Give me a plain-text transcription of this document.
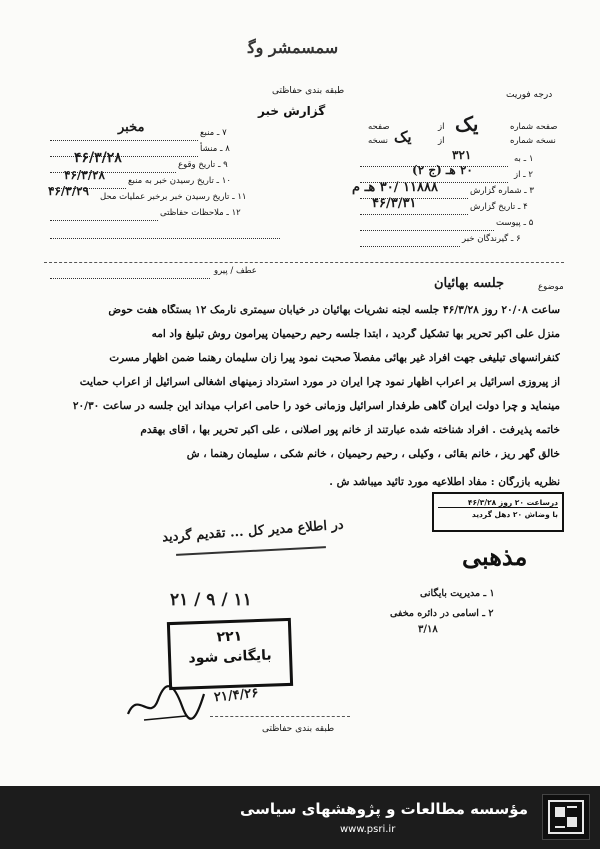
ﺳﻤﺴﻤﺸﺮ ﻭﮔ
طبقه بندی حفاظتی
گزارش خبر
درجه فوریت
صفحه شماره
نسخه شماره
از
از
صفحه
نسخه
یک
یک
۱ ـ به
۳۲۱
۲ ـ از
۲۰ هـ (ج ۲)
۳ ـ شماره گزارش
۱۱۸۸۸ /۳۰ هـ م
۴ ـ تاریخ گزارش
۴۶/۳/۳۱
۵ ـ پیوست
۶ ـ گیرندگان خبر
۷ ـ منبع
مخبر
۸ ـ منشأ
۹ ـ تاریخ وقوع
۴۶/۳/۲۸
۱۰ ـ تاریخ رسیدن خبر به منبع
۴۶/۳/۲۸
۱۱ ـ تاریخ رسیدن خبر برخبر عملیات محل
۴۶/۳/۲۹
۱۲ ـ ملاحظات حفاظتی
موضوع
جلسه بهائیان
عطف / پیرو
ساعت ۲۰/۰۸ روز ۴۶/۳/۲۸ جلسه لجنه نشریات بهائیان در خیابان سیمتری نارمک ۱۲ بستگاه هفت حوض
منزل علی اکبر تحریر بها تشکیل گردید ، ابتدا جلسه رحیم رحیمیان پیرامون روش تبلیغ واد امه
کنفرانسهای تبلیغی جهت افراد غیر بهائی مفصلاً صحبت نمود پیرا زان سلیمان رهنما ضمن اظهار مسرت
از پیروزی اسرائیل بر اعراب اظهار نمود چرا ایران در مورد استرداد زمینهای اشغالی اسرائیل از اعراب حمایت
مینماید و چرا دولت ایران گاهی طرفدار اسرائیل وزمانی خود را حامی اعراب میداند این جلسه در ساعت ۲۰/۳۰
خاتمه پذیرفت . افراد شناخته شده عبارتند از خانم پور اصلانی ، علی اکبر تحریر بها ، آقای بهقدم
خالق گهر ریز ، خانم بقائی ، وکیلی ، رحیم رحیمیان ، خانم شکی ، سلیمان رهنما ، ش
نظریه بازرگان : مفاد اطلاعیه مورد تائید میباشد ش .
درساعت ۲۰ روز ۴۶/۳/۲۸
با وضاش ۲۰ دهل گردید
در اطلاع مدیر کل ... تقدیم گردید
مذهبی
۱ ـ مدیریت بایگانی
۲ ـ اسامی در دائره مخفی
۳/۱۸
۲۱ / ۹ / ۱۱
۲۲۱
بایگانی شود
۲۱/۴/۲۶
طبقه بندی حفاظتی
مؤسسه مطالعات و پژوهشهای سیاسی
www.psri.ir
